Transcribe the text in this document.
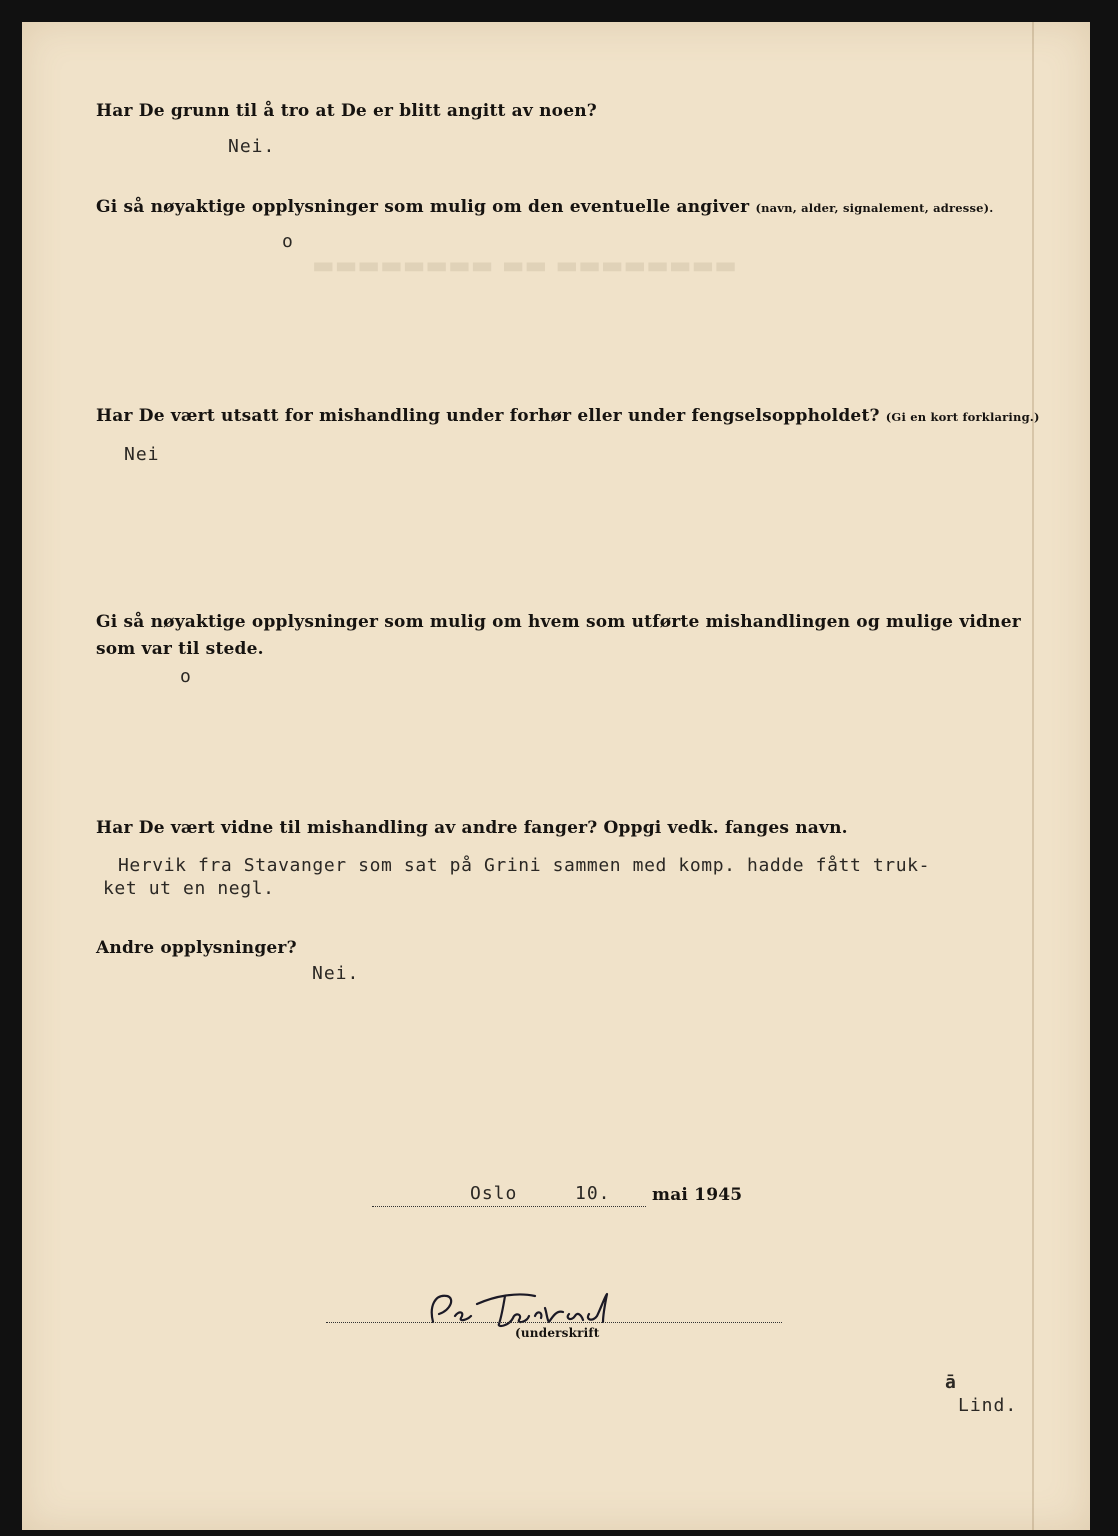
▬▬▬▬▬▬▬▬ ▬▬ ▬▬▬▬▬▬▬▬
Har De grunn til å tro at De er blitt angitt av noen?
Nei.
Gi så nøyaktige opplysninger som mulig om den eventuelle angiver (navn, alder, signalement, adresse).
o
Har De vært utsatt for mishandling under forhør eller under fengselsoppholdet? (Gi en kort forklaring.)
Nei
Gi så nøyaktige opplysninger som mulig om hvem som utførte mishandlingen og mulige vidner
som var til stede.
o
Har De vært vidne til mishandling av andre fanger? Oppgi vedk. fanges navn.
Hervik fra Stavanger som sat på Grini sammen med komp. hadde fått truk-
ket ut en negl.
Andre opplysninger?
Nei.
Oslo	10. mai 1945
(underskrift
ā
Lind.
